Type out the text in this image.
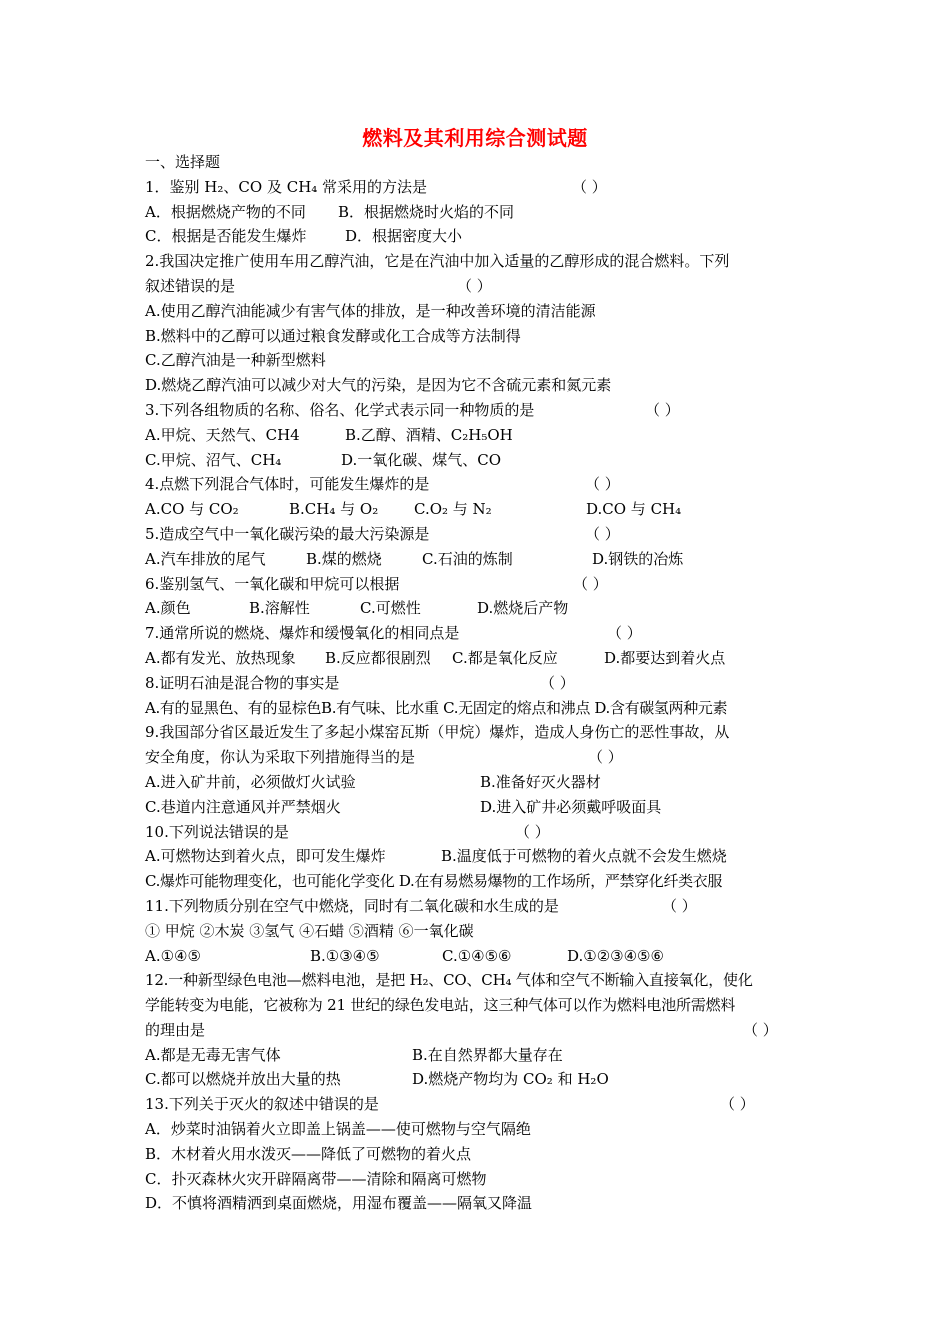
燃料及其利用综合测试题
一、选择题
1．鉴别 H₂、CO 及 CH₄ 常采用的方法是	（ ）
A．根据燃烧产物的不同 B．根据燃烧时火焰的不同
C．根据是否能发生爆炸	D．根据密度大小
2.我国决定推广使用车用乙醇汽油，它是在汽油中加入适量的乙醇形成的混合燃料。下列
叙述错误的是	（ ）
A.使用乙醇汽油能减少有害气体的排放，是一种改善环境的清洁能源
B.燃料中的乙醇可以通过粮食发酵或化工合成等方法制得
C.乙醇汽油是一种新型燃料
D.燃烧乙醇汽油可以减少对大气的污染，是因为它不含硫元素和氮元素
3.下列各组物质的名称、俗名、化学式表示同一种物质的是	（ ）
A.甲烷、天然气、CH4	B.乙醇、酒精、C₂H₅OH
C.甲烷、沼气、CH₄	D.一氧化碳、煤气、CO
4.点燃下列混合气体时，可能发生爆炸的是	（ ）
A.CO 与 CO₂	B.CH₄ 与 O₂ C.O₂ 与 N₂	D.CO 与 CH₄
5.造成空气中一氧化碳污染的最大污染源是	（ ）
A.汽车排放的尾气	B.煤的燃烧	C.石油的炼制	D.钢铁的冶炼
6.鉴别氢气、一氧化碳和甲烷可以根据	（ ）
A.颜色	B.溶解性	C.可燃性	D.燃烧后产物
7.通常所说的燃烧、爆炸和缓慢氧化的相同点是	（ ）
A.都有发光、放热现象 B.反应都很剧烈 C.都是氧化反应	D.都要达到着火点
8.证明石油是混合物的事实是	（ ）
A.有的显黑色、有的显棕色B.有气味、比水重 C.无固定的熔点和沸点 D.含有碳氢两种元素
9.我国部分省区最近发生了多起小煤窑瓦斯（甲烷）爆炸，造成人身伤亡的恶性事故，从
安全角度，你认为采取下列措施得当的是	（ ）
A.进入矿井前，必须做灯火试验	B.准备好灭火器材
C.巷道内注意通风并严禁烟火	D.进入矿井必须戴呼吸面具
10.下列说法错误的是	（ ）
A.可燃物达到着火点，即可发生爆炸	B.温度低于可燃物的着火点就不会发生燃烧
C.爆炸可能物理变化，也可能化学变化 D.在有易燃易爆物的工作场所，严禁穿化纤类衣服
11.下列物质分别在空气中燃烧，同时有二氧化碳和水生成的是	（ ）
① 甲烷 ②木炭 ③氢气 ④石蜡 ⑤酒精 ⑥一氧化碳
A.①④⑤	B.①③④⑤	C.①④⑤⑥	D.①②③④⑤⑥
12.一种新型绿色电池—燃料电池，是把 H₂、CO、CH₄ 气体和空气不断输入直接氧化，使化
学能转变为电能，它被称为 21 世纪的绿色发电站，这三种气体可以作为燃料电池所需燃料
的理由是	（ ）
A.都是无毒无害气体	B.在自然界都大量存在
C.都可以燃烧并放出大量的热	D.燃烧产物均为 CO₂ 和 H₂O
13.下列关于灭火的叙述中错误的是	（ ）
A．炒菜时油锅着火立即盖上锅盖——使可燃物与空气隔绝
B．木材着火用水泼灭——降低了可燃物的着火点
C．扑灭森林火灾开辟隔离带——清除和隔离可燃物
D．不慎将酒精洒到桌面燃烧，用湿布覆盖——隔氧又降温
